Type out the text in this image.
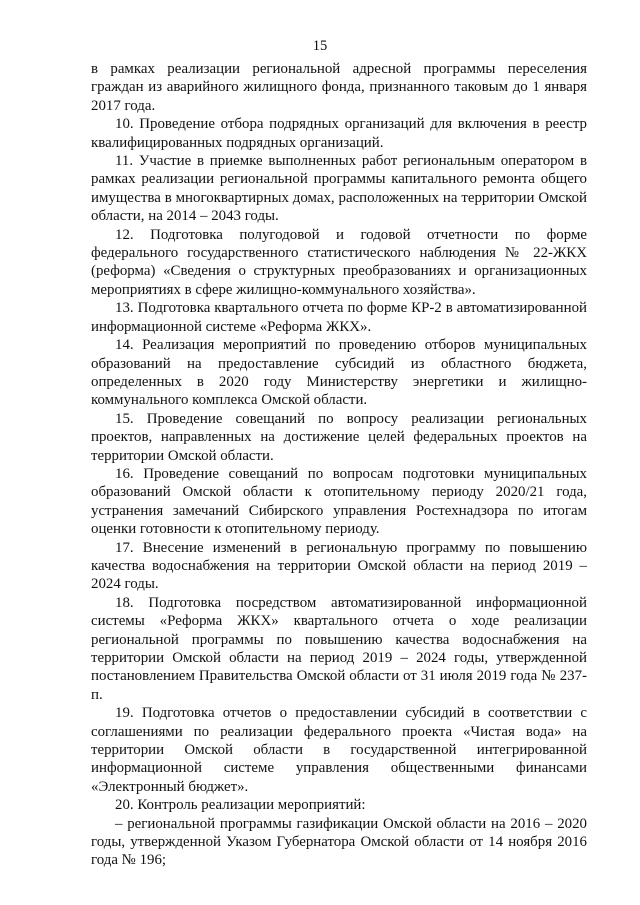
15

в рамках реализации региональной адресной программы переселения граждан из аварийного жилищного фонда, признанного таковым до 1 января 2017 года.

10. Проведение отбора подрядных организаций для включения в реестр квалифицированных подрядных организаций.

11. Участие в приемке выполненных работ региональным оператором в рамках реализации региональной программы капитального ремонта общего имущества в многоквартирных домах, расположенных на территории Омской области, на 2014 – 2043 годы.

12. Подготовка полугодовой и годовой отчетности по форме федерального государственного статистического наблюдения № 22-ЖКХ (реформа) «Сведения о структурных преобразованиях и организационных мероприятиях в сфере жилищно-коммунального хозяйства».

13. Подготовка квартального отчета по форме КР-2 в автоматизированной информационной системе «Реформа ЖКХ».

14. Реализация мероприятий по проведению отборов муниципальных образований на предоставление субсидий из областного бюджета, определенных в 2020 году Министерству энергетики и жилищно-коммунального комплекса Омской области.

15. Проведение совещаний по вопросу реализации региональных проектов, направленных на достижение целей федеральных проектов на территории Омской области.

16. Проведение совещаний по вопросам подготовки муниципальных образований Омской области к отопительному периоду 2020/21 года, устранения замечаний Сибирского управления Ростехнадзора по итогам оценки готовности к отопительному периоду.

17. Внесение изменений в региональную программу по повышению качества водоснабжения на территории Омской области на период 2019 – 2024 годы.

18. Подготовка посредством автоматизированной информационной системы «Реформа ЖКХ» квартального отчета о ходе реализации региональной программы по повышению качества водоснабжения на территории Омской области на период 2019 – 2024 годы, утвержденной постановлением Правительства Омской области от 31 июля 2019 года № 237-п.

19. Подготовка отчетов о предоставлении субсидий в соответствии с соглашениями по реализации федерального проекта «Чистая вода» на территории Омской области в государственной интегрированной информационной системе управления общественными финансами «Электронный бюджет».

20. Контроль реализации мероприятий:

– региональной программы газификации Омской области на 2016 – 2020 годы, утвержденной Указом Губернатора Омской области от 14 ноября 2016 года № 196;
